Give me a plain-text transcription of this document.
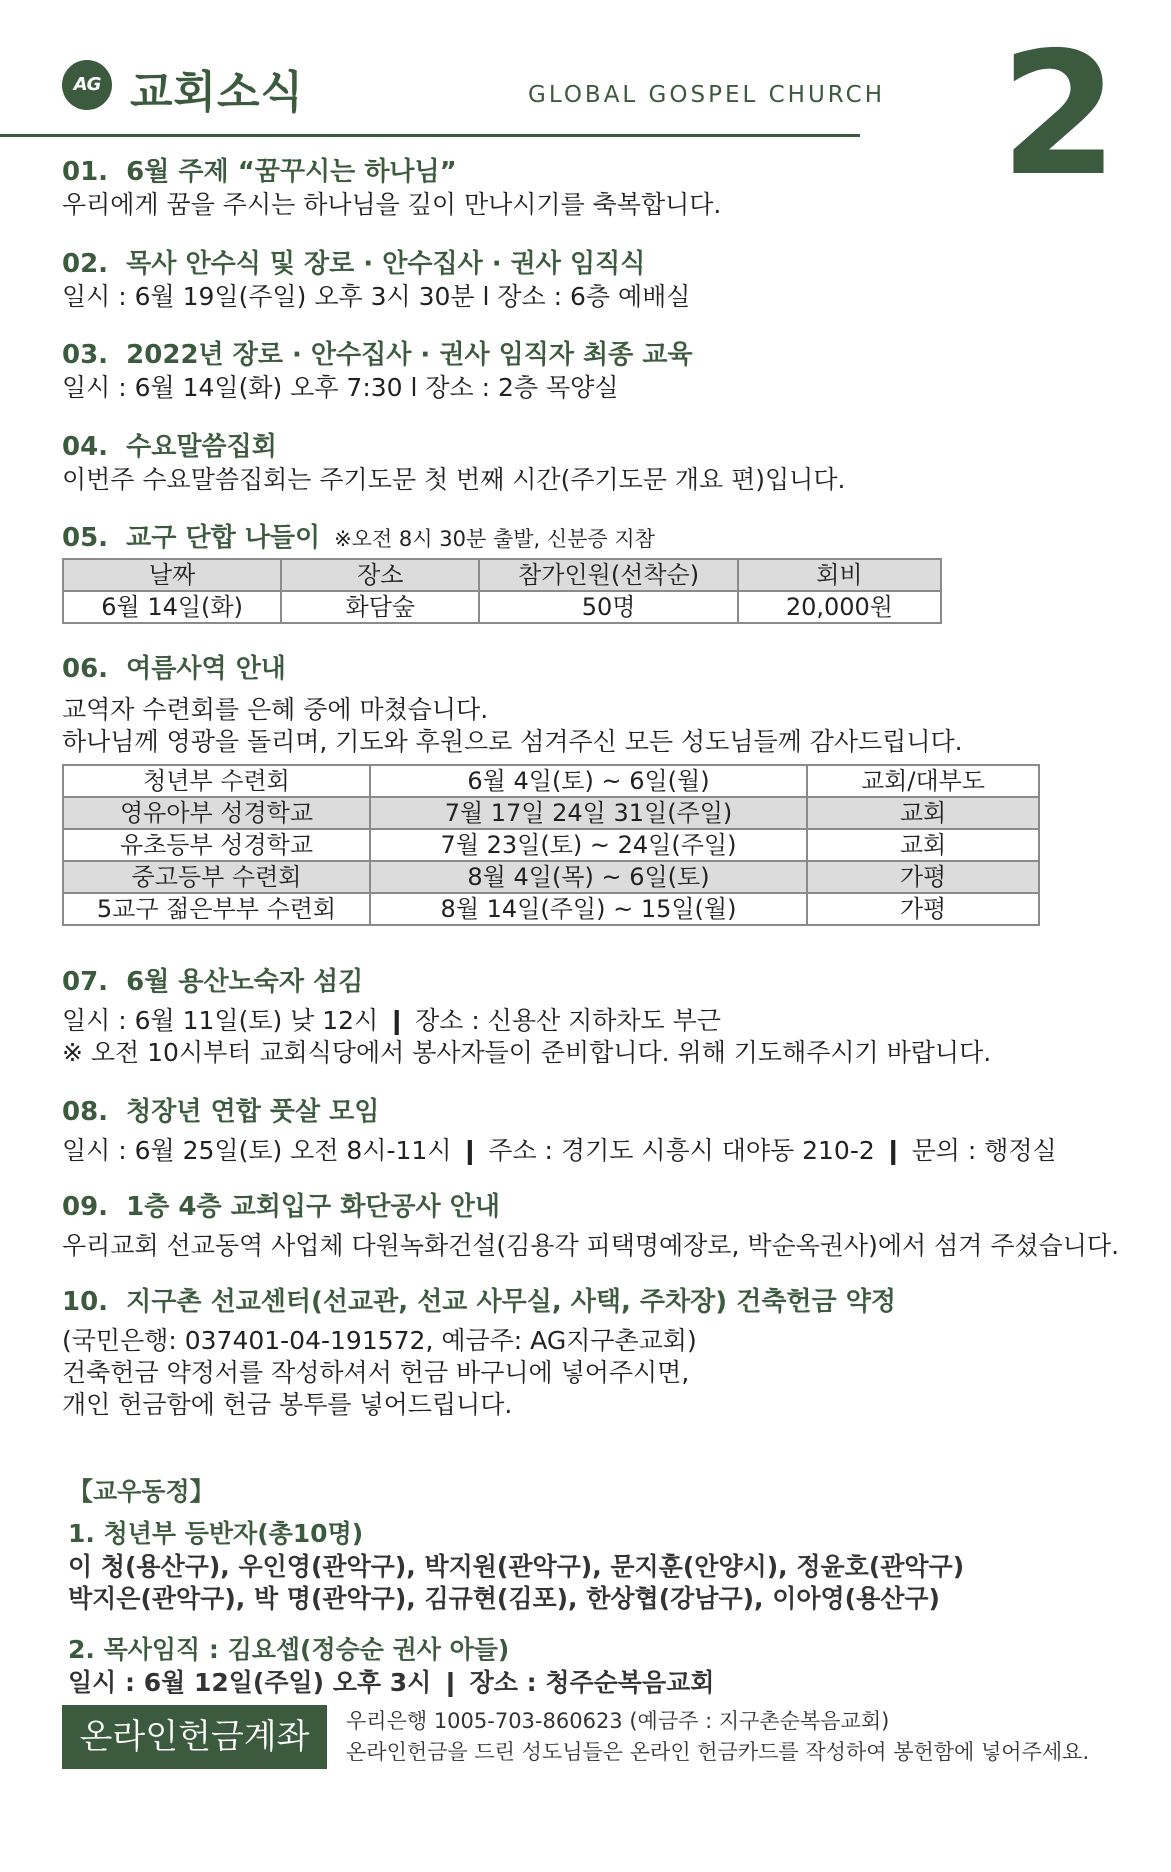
AG 교회소식	GLOBAL GOSPEL CHURCH 2
01. 6월 주제 “꿈꾸시는 하나님”

우리에게 꿈을 주시는 하나님을 깊이 만나시기를 축복합니다.

02. 목사 안수식 및 장로 · 안수집사 · 권사 임직식

일시 : 6월 19일(주일) 오후 3시 30분 l 장소 : 6층 예배실

03. 2022년 장로 · 안수집사 · 권사 임직자 최종 교육

일시 : 6월 14일(화) 오후 7:30 l 장소 : 2층 목양실

04. 수요말씀집회

이번주 수요말씀집회는 주기도문 첫 번째 시간(주기도문 개요 편)입니다.

05. 교구 단합 나들이 ※오전 8시 30분 출발, 신분증 지참
날짜	장소	참가인원(선착순)	회비
6월 14일(화)	화담숲	50명	20,000원
06. 여름사역 안내

교역자 수련회를 은혜 중에 마쳤습니다.

하나님께 영광을 돌리며, 기도와 후원으로 섬겨주신 모든 성도님들께 감사드립니다.

청년부 수련회	6월 4일(토) ~ 6일(월)	교회/대부도
영유아부 성경학교	7월 17일 24일 31일(주일)	교회
유초등부 성경학교	7월 23일(토) ~ 24일(주일)	교회
중고등부 수련회	8월 4일(목) ~ 6일(토)	가평
5교구 젊은부부 수련회	8월 14일(주일) ~ 15일(월)	가평
07. 6월 용산노숙자 섬김

일시 : 6월 11일(토) 낮 12시 ❙ 장소 : 신용산 지하차도 부근

※ 오전 10시부터 교회식당에서 봉사자들이 준비합니다. 위해 기도해주시기 바랍니다.

08. 청장년 연합 풋살 모임

일시 : 6월 25일(토) 오전 8시-11시 ❙ 주소 : 경기도 시흥시 대야동 210-2 ❙ 문의 : 행정실

09. 1층 4층 교회입구 화단공사 안내

우리교회 선교동역 사업체 다원녹화건설(김용각 피택명예장로, 박순옥권사)에서 섬겨 주셨습니다.

10. 지구촌 선교센터(선교관, 선교 사무실, 사택, 주차장) 건축헌금 약정

(국민은행: 037401-04-191572, 예금주: AG지구촌교회)

건축헌금 약정서를 작성하셔서 헌금 바구니에 넣어주시면,

개인 헌금함에 헌금 봉투를 넣어드립니다.

【교우동정】
1. 청년부 등반자(총10명)

이 청(용산구), 우인영(관악구), 박지원(관악구), 문지훈(안양시), 정윤호(관악구)

박지은(관악구), 박 명(관악구), 김규현(김포), 한상협(강남구), 이아영(용산구)

2. 목사임직 : 김요셉(정승순 권사 아들)

일시 : 6월 12일(주일) 오후 3시 ❙ 장소 : 청주순복음교회

온라인헌금계좌	우리은행 1005-703-860623 (예금주 : 지구촌순복음교회)
온라인헌금을 드린 성도님들은 온라인 헌금카드를 작성하여 봉헌함에 넣어주세요.
